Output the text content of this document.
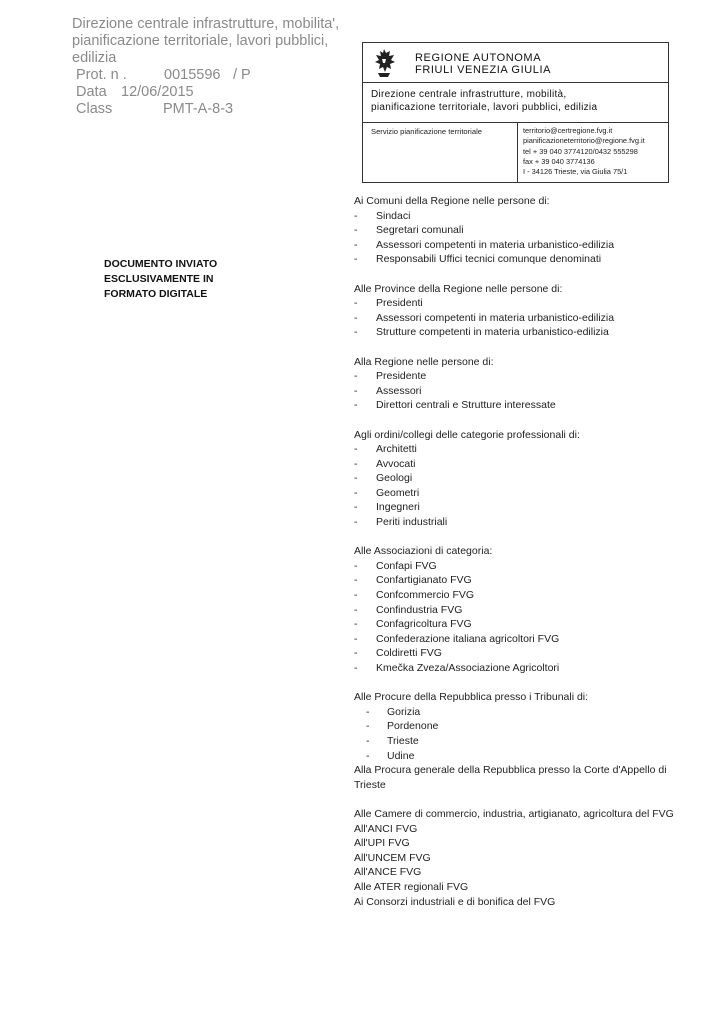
Direzione centrale infrastrutture, mobilita',
pianificazione territoriale, lavori pubblici,
edilizia
Prot. n .	0015596 / P
Data 12/06/2015
Class	PMT-A-8-3
REGIONE AUTONOMA
FRIULI VENEZIA GIULIA
Direzione centrale infrastrutture, mobilità,
pianificazione territoriale, lavori pubblici, edilizia
Servizio pianificazione territoriale	territorio@certregione.fvg.it
pianificazioneterritorio@regione.fvg.it
tel + 39 040 3774120/0432 555298
fax + 39 040 3774136
I - 34126 Trieste, via Giulia 75/1
DOCUMENTO INVIATO
ESCLUSIVAMENTE IN
FORMATO DIGITALE
Ai Comuni della Regione nelle persone di:
- Sindaci
- Segretari comunali
- Assessori competenti in materia urbanistico-edilizia
- Responsabili Uffici tecnici comunque denominati
Alle Province della Regione nelle persone di:
- Presidenti
- Assessori competenti in materia urbanistico-edilizia
- Strutture competenti in materia urbanistico-edilizia
Alla Regione nelle persone di:
- Presidente
- Assessori
- Direttori centrali e Strutture interessate
Agli ordini/collegi delle categorie professionali di:
- Architetti
- Avvocati
- Geologi
- Geometri
- Ingegneri
- Periti industriali
Alle Associazioni di categoria:
- Confapi FVG
- Confartigianato FVG
- Confcommercio FVG
- Confindustria FVG
- Confagricoltura FVG
- Confederazione italiana agricoltori FVG
- Coldiretti FVG
- Kmečka Zveza/Associazione Agricoltori
Alle Procure della Repubblica presso i Tribunali di:
- Gorizia
- Pordenone
- Trieste
- Udine
Alla Procura generale della Repubblica presso la Corte d'Appello di
Trieste
Alle Camere di commercio, industria, artigianato, agricoltura del FVG
All'ANCI FVG
All'UPI FVG
All'UNCEM FVG
All'ANCE FVG
Alle ATER regionali FVG
Ai Consorzi industriali e di bonifica del FVG
